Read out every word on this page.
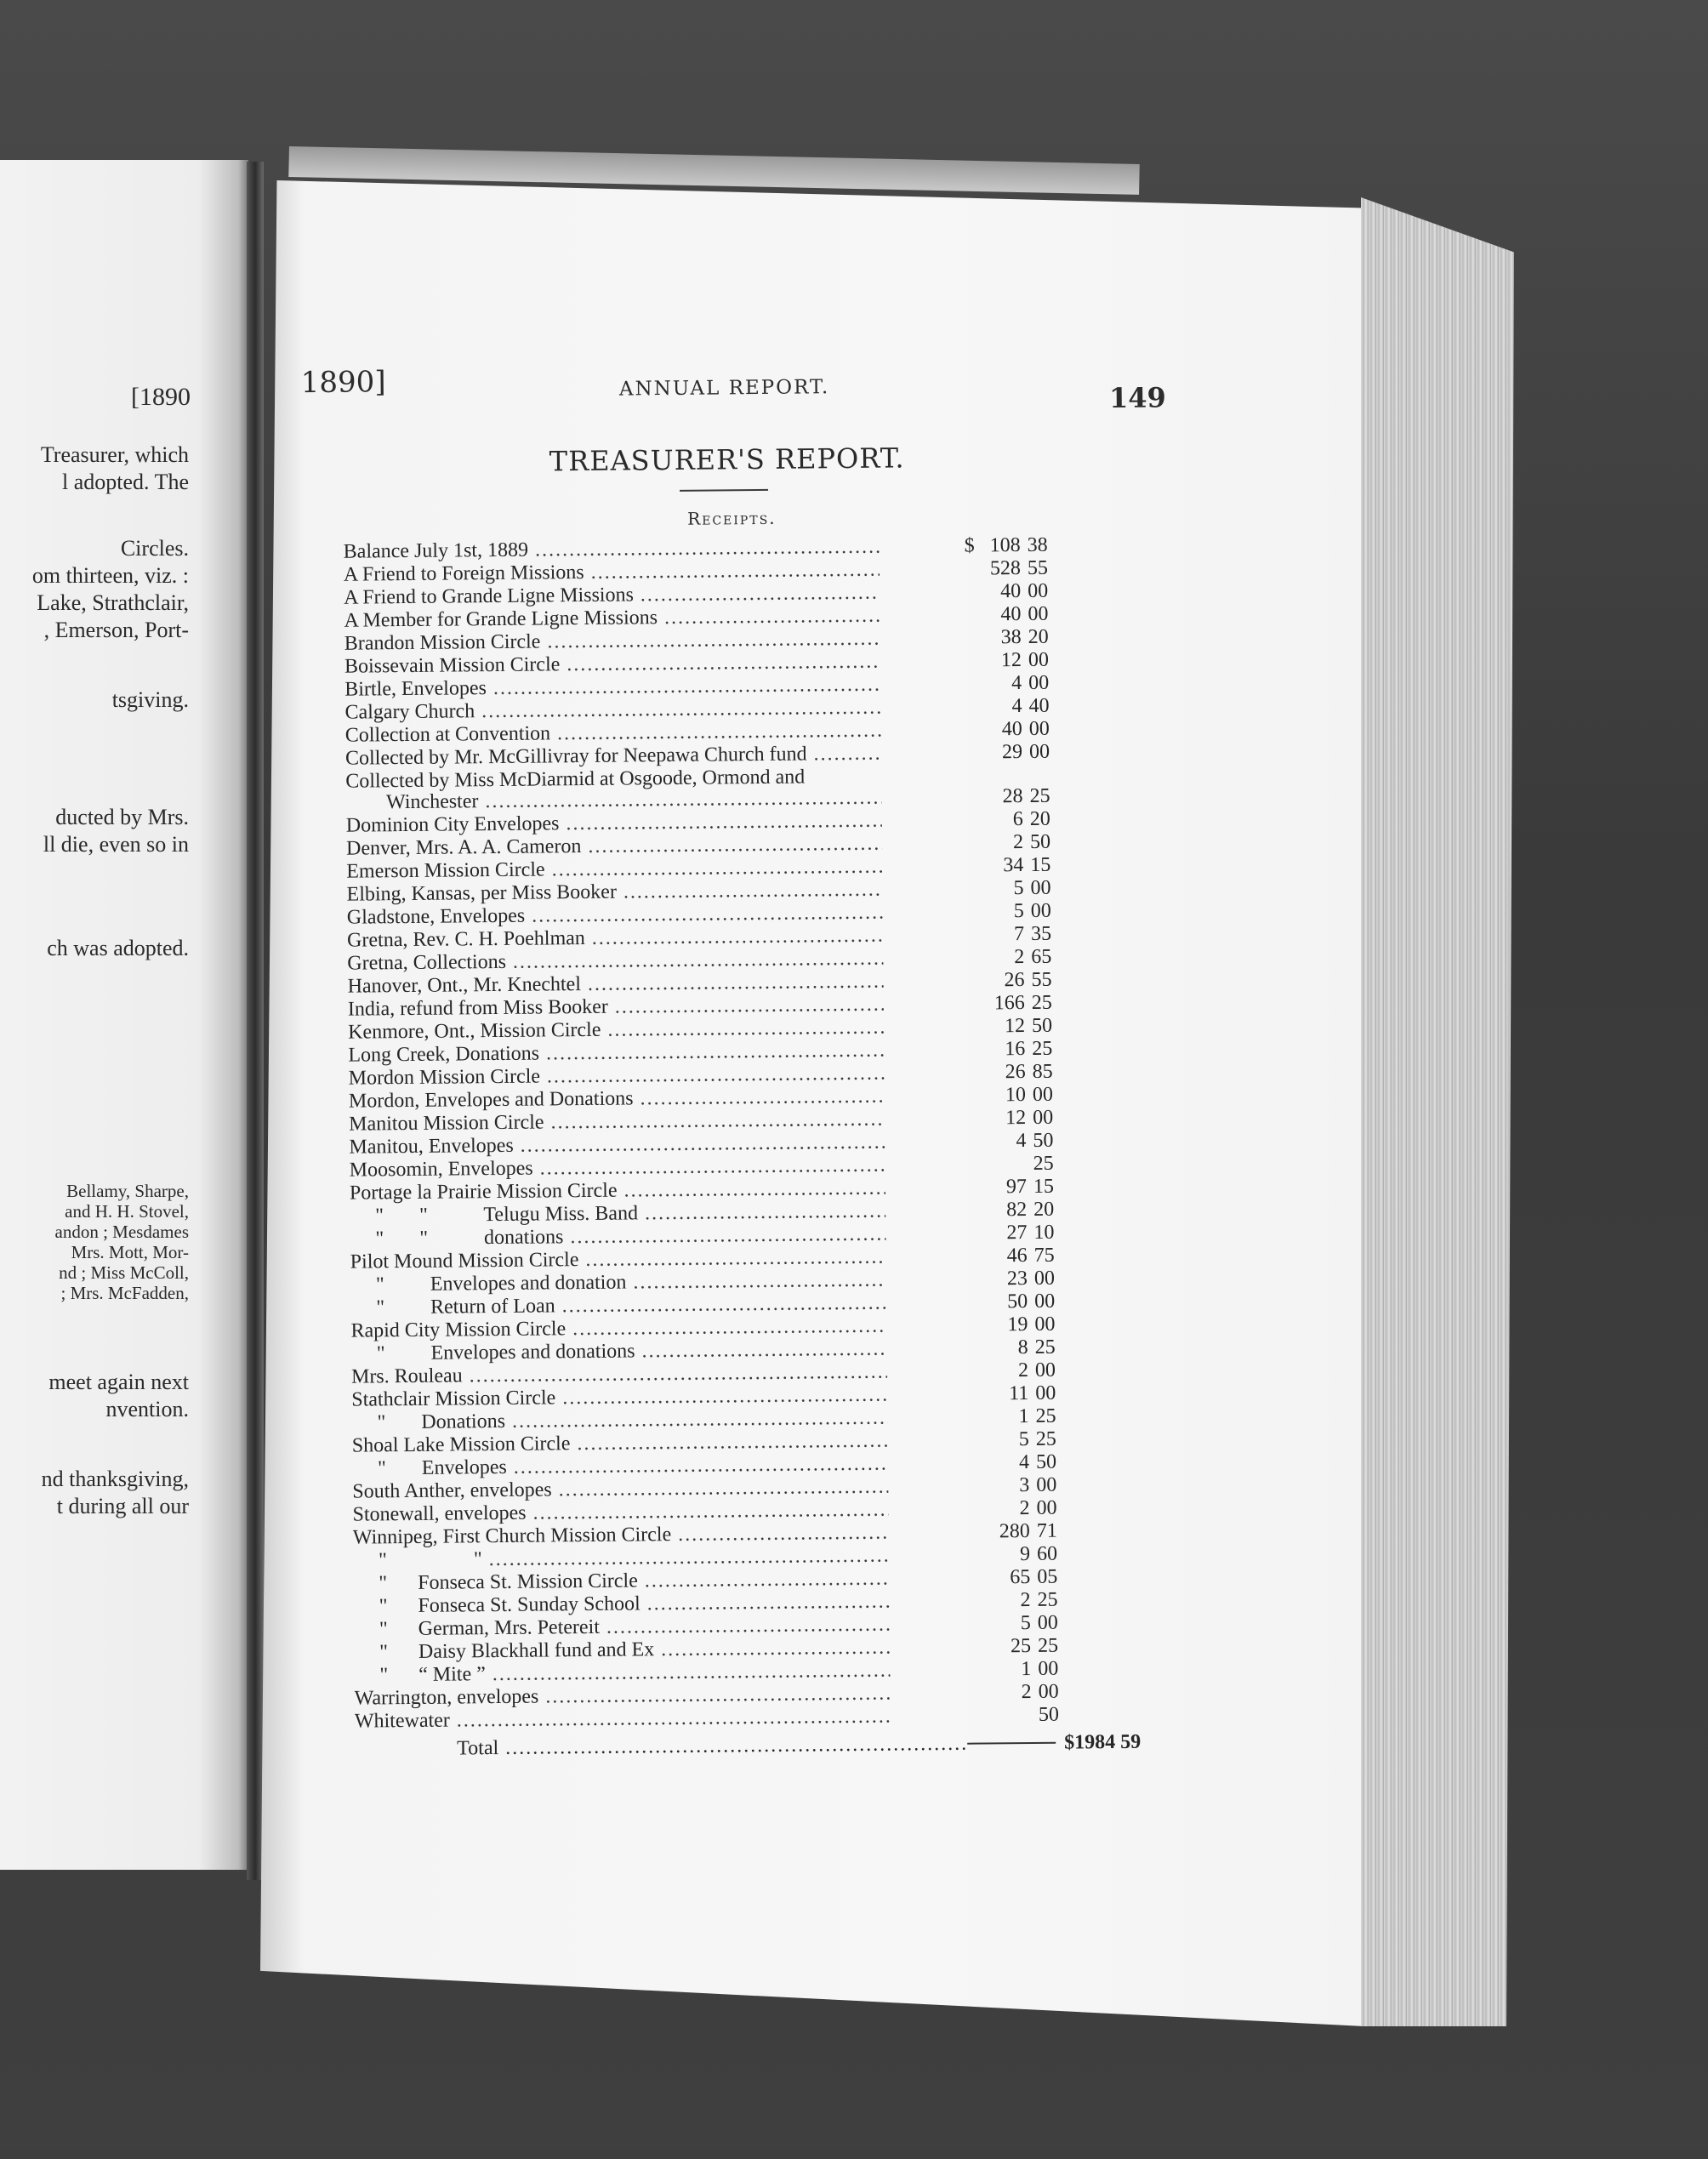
[1890
Treasurer, which
l adopted. The
Circles.
om thirteen, viz. :
Lake, Strathclair,
, Emerson, Port-
tsgiving.
ducted by Mrs.
ll die, even so in
ch was adopted.
Bellamy, Sharpe,
and H. H. Stovel,
andon ; Mesdames
Mrs. Mott, Mor-
nd ; Miss McColl,
; Mrs. McFadden,
meet again next
nvention.
nd thanksgiving,
t during all our
1890]	ANNUAL REPORT.	149
TREASURER'S REPORT.
Receipts.
Balance July 1st, 1889 .....	$ 108 38
A Friend to Foreign Missions .....	528 55
A Friend to Grande Ligne Missions .....	40 00
A Member for Grande Ligne Missions .....	40 00
Brandon Mission Circle .....	38 20
Boissevain Mission Circle .....	12 00
Birtle, Envelopes .....	4 00
Calgary Church .....	4 40
Collection at Convention .....	40 00
Collected by Mr. McGillivray for Neepawa Church fund .....	29 00
Collected by Miss McDiarmid at Osgoode, Ormond and
Winchester .....	28 25
Dominion City Envelopes .....	6 20
Denver, Mrs. A. A. Cameron .....	2 50
Emerson Mission Circle .....	34 15
Elbing, Kansas, per Miss Booker .....	5 00
Gladstone, Envelopes .....	5 00
Gretna, Rev. C. H. Poehlman .....	7 35
Gretna, Collections .....	2 65
Hanover, Ont., Mr. Knechtel .....	26 55
India, refund from Miss Booker .....	166 25
Kenmore, Ont., Mission Circle .....	12 50
Long Creek, Donations .....	16 25
Mordon Mission Circle .....	26 85
Mordon, Envelopes and Donations .....	10 00
Manitou Mission Circle .....	12 00
Manitou, Envelopes .....	4 50
Moosomin, Envelopes .....	25
Portage la Prairie Mission Circle .....	97 15
"       "           Telugu Miss. Band .....	82 20
"       "           donations .....	27 10
Pilot Mound Mission Circle .....	46 75
"         Envelopes and donation .....	23 00
"         Return of Loan .....	50 00
Rapid City Mission Circle .....	19 00
"         Envelopes and donations .....	8 25
Mrs. Rouleau .....	2 00
Stathclair Mission Circle .....	11 00
"       Donations .....	1 25
Shoal Lake Mission Circle .....	5 25
"       Envelopes .....	4 50
South Anther, envelopes .....	3 00
Stonewall, envelopes .....	2 00
Winnipeg, First Church Mission Circle .....	280 71
"                 " .....	9 60
"      Fonseca St. Mission Circle .....	65 05
"      Fonseca St. Sunday School .....	2 25
"      German, Mrs. Petereit .....	5 00
"      Daisy Blackhall fund and Ex .....	25 25
"      “ Mite ” .....	1 00
Warrington, envelopes .....	2 00
Whitewater .....	50
Total .....	$1984 59
